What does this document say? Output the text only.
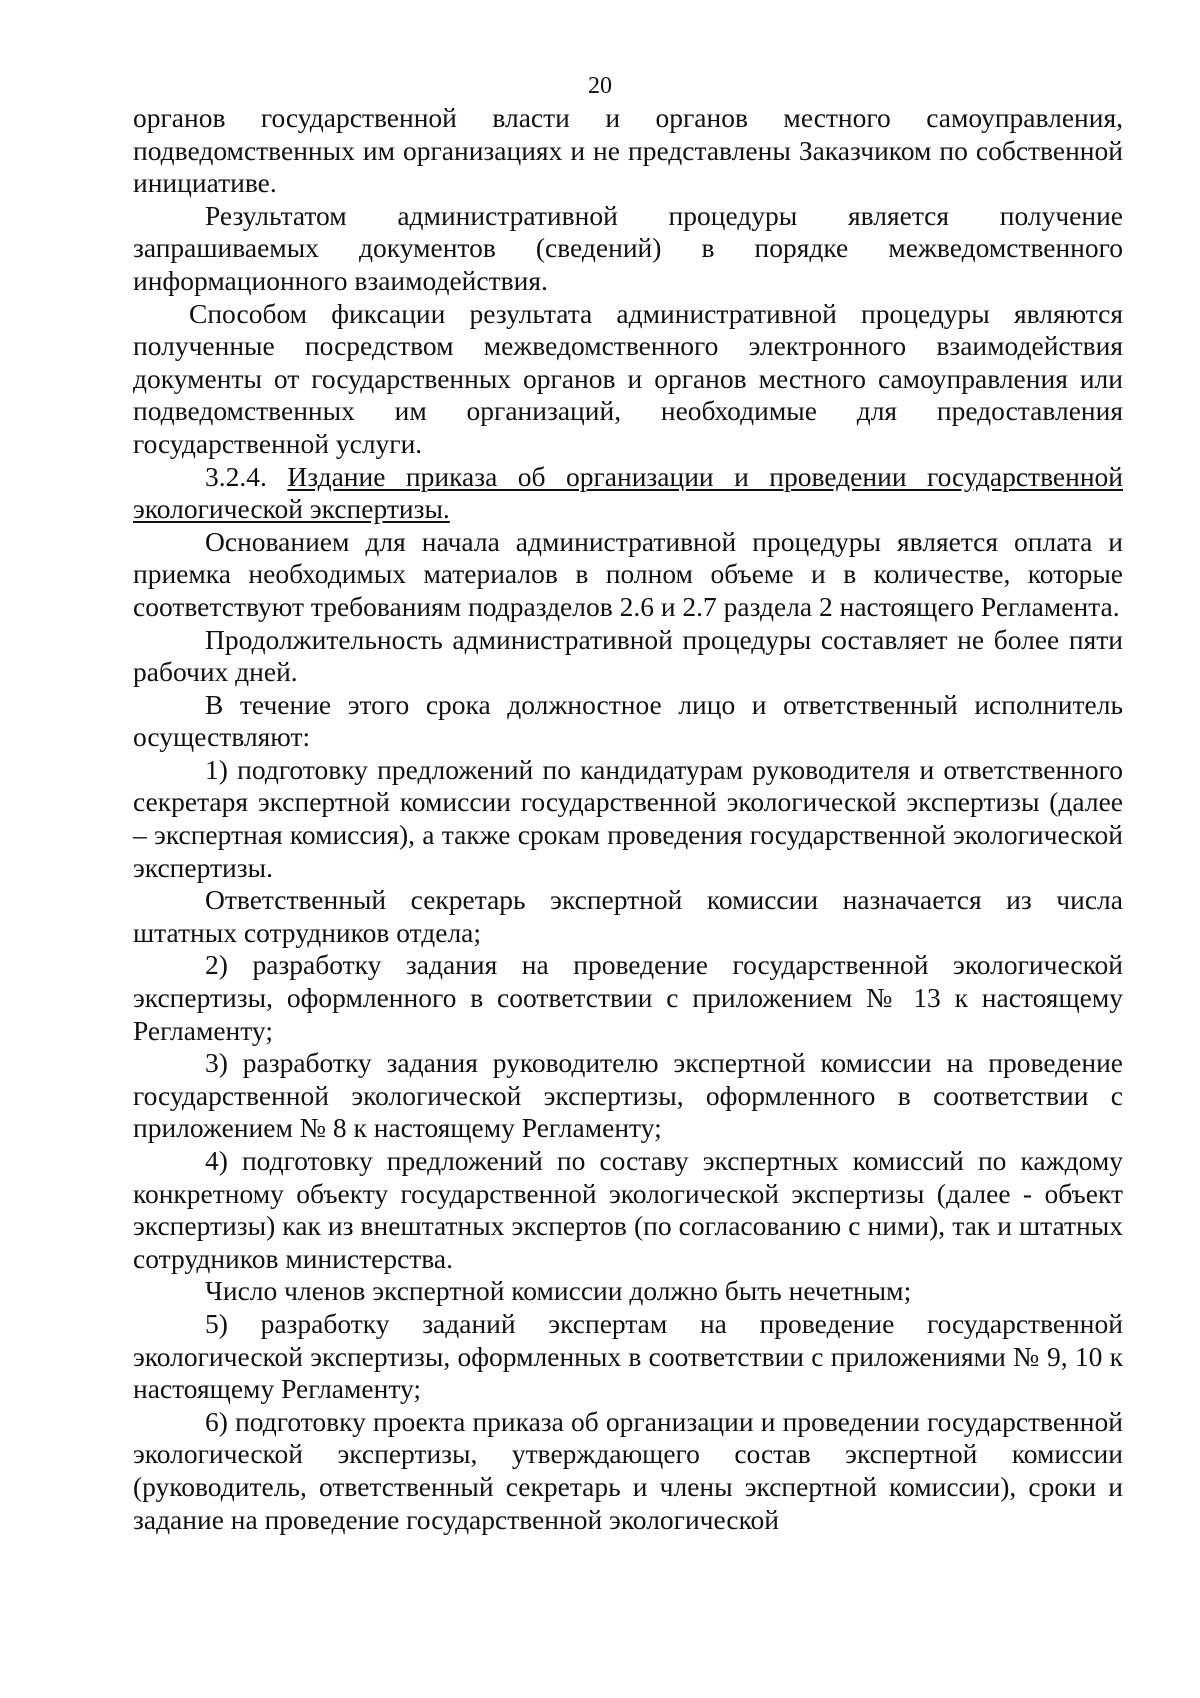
20

органов государственной власти и органов местного самоуправления, подведомственных им организациях и не представлены Заказчиком по собственной инициативе.

Результатом административной процедуры является получение запрашиваемых документов (сведений) в порядке межведомственного информационного взаимодействия.

Способом фиксации результата административной процедуры являются полученные посредством межведомственного электронного взаимодействия документы от государственных органов и органов местного самоуправления или подведомственных им организаций, необходимые для предоставления государственной услуги.

3.2.4. Издание приказа об организации и проведении государственной экологической экспертизы.

Основанием для начала административной процедуры является оплата и приемка необходимых материалов в полном объеме и в количестве, которые соответствуют требованиям подразделов 2.6 и 2.7 раздела 2 настоящего Регламента.

Продолжительность административной процедуры составляет не более пяти рабочих дней.

В течение этого срока должностное лицо и ответственный исполнитель осуществляют:

1) подготовку предложений по кандидатурам руководителя и ответственного секретаря экспертной комиссии государственной экологической экспертизы (далее – экспертная комиссия), а также срокам проведения государственной экологической экспертизы.

Ответственный секретарь экспертной комиссии назначается из числа штатных сотрудников отдела;

2) разработку задания на проведение государственной экологической экспертизы, оформленного в соответствии с приложением № 13 к настоящему Регламенту;

3) разработку задания руководителю экспертной комиссии на проведение государственной экологической экспертизы, оформленного в соответствии с приложением № 8 к настоящему Регламенту;

4) подготовку предложений по составу экспертных комиссий по каждому конкретному объекту государственной экологической экспертизы (далее - объект экспертизы) как из внештатных экспертов (по согласованию с ними), так и штатных сотрудников министерства.

Число членов экспертной комиссии должно быть нечетным;

5) разработку заданий экспертам на проведение государственной экологической экспертизы, оформленных в соответствии с приложениями № 9, 10 к настоящему Регламенту;

6) подготовку проекта приказа об организации и проведении государственной экологической экспертизы, утверждающего состав экспертной комиссии (руководитель, ответственный секретарь и члены экспертной комиссии), сроки и задание на проведение государственной экологической
